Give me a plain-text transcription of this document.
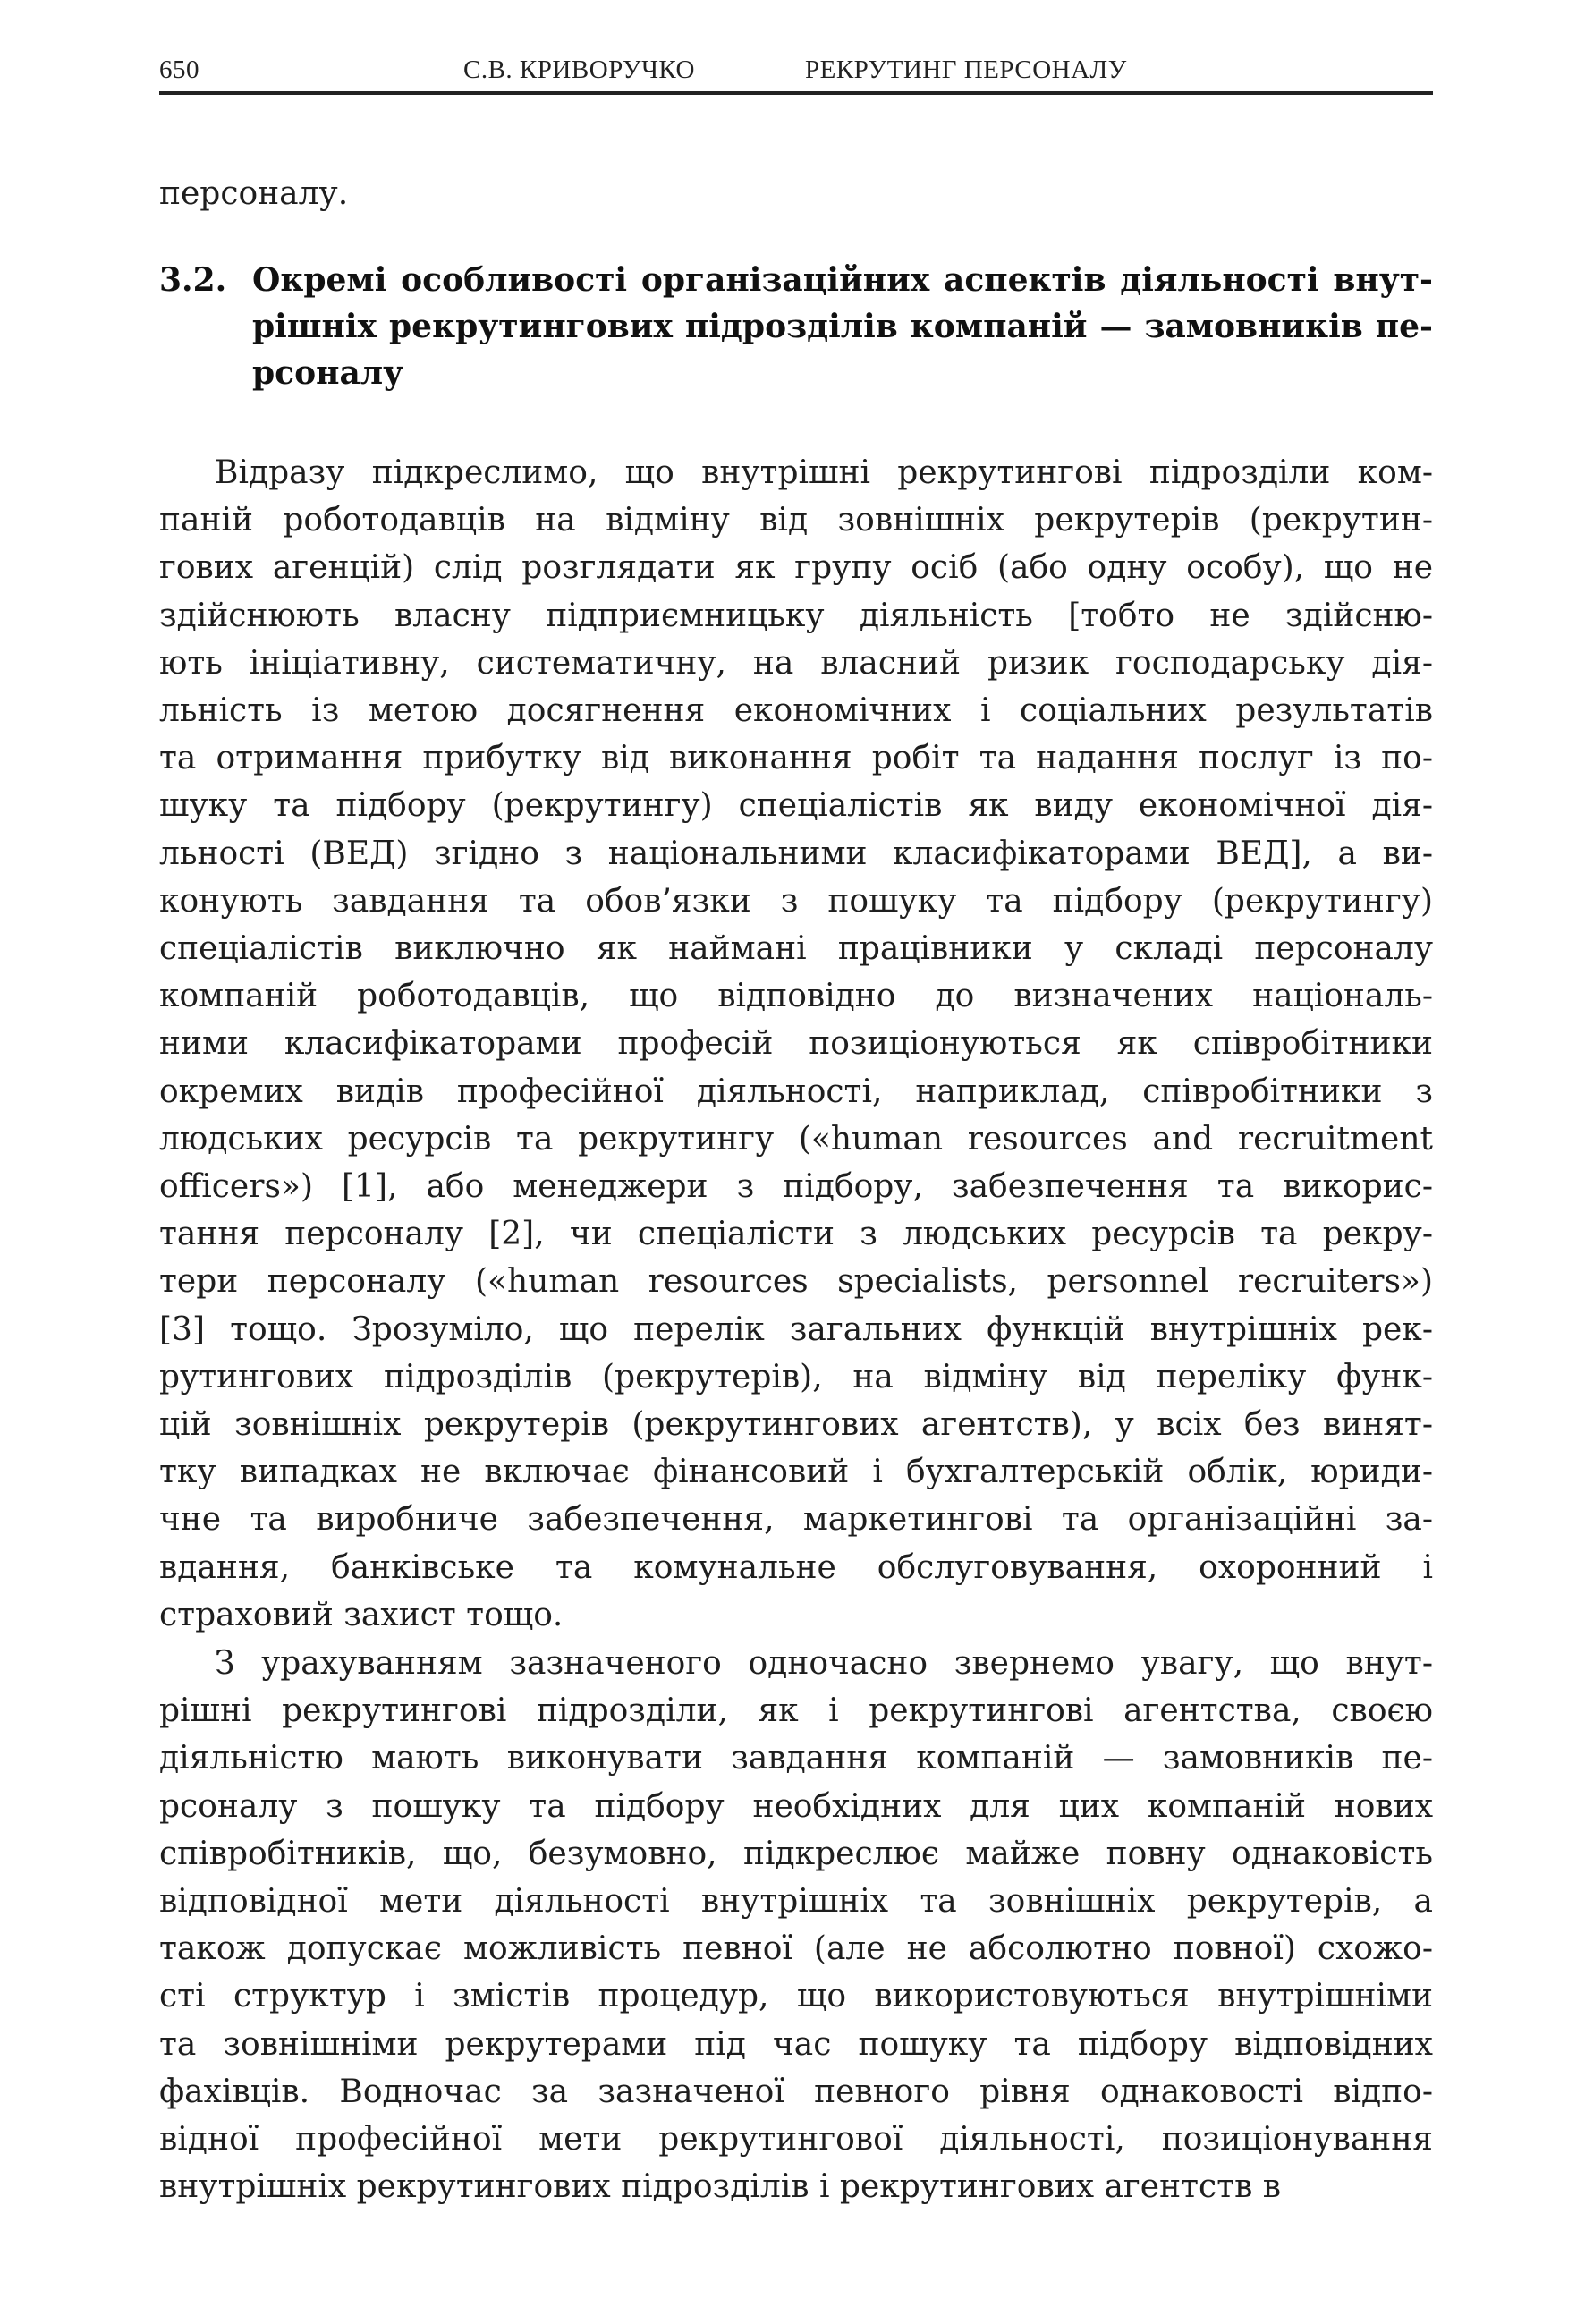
650	С.В. КРИВОРУЧКО	РЕКРУТИНГ ПЕРСОНАЛУ
персоналу.
3.2. Окремі особливості організаційних аспектів діяльності внут-
рішніх рекрутингових підрозділів компаній — замовників пе-
рсоналу
Відразу підкреслимо, що внутрішні рекрутингові підрозділи ком-
паній роботодавців на відміну від зовнішніх рекрутерів (рекрутин-
гових агенцій) слід розглядати як групу осіб (або одну особу), що не
здійснюють власну підприємницьку діяльність [тобто не здійсню-
ють ініціативну, систематичну, на власний ризик господарську дія-
льність із метою досягнення економічних і соціальних результатів
та отримання прибутку від виконання робіт та надання послуг із по-
шуку та підбору (рекрутингу) спеціалістів як виду економічної дія-
льності (ВЕД) згідно з національними класифікаторами ВЕД], а ви-
конують завдання та обов’язки з пошуку та підбору (рекрутингу)
спеціалістів виключно як наймані працівники у складі персоналу
компаній роботодавців, що відповідно до визначених національ-
ними класифікаторами професій позиціонуються як співробітники
окремих видів професійної діяльності, наприклад, співробітники з
людських ресурсів та рекрутингу («human resources and recruitment
officers») [1], або менеджери з підбору, забезпечення та викорис-
тання персоналу [2], чи спеціалісти з людських ресурсів та рекру-
тери персоналу («human resources specialists, personnel recruiters»)
[3] тощо. Зрозуміло, що перелік загальних функцій внутрішніх рек-
рутингових підрозділів (рекрутерів), на відміну від переліку функ-
цій зовнішніх рекрутерів (рекрутингових агентств), у всіх без винят-
тку випадках не включає фінансовий і бухгалтерській облік, юриди-
чне та виробниче забезпечення, маркетингові та організаційні за-
вдання, банківське та комунальне обслуговування, охоронний і
страховий захист тощо.
З урахуванням зазначеного одночасно звернемо увагу, що внут-
рішні рекрутингові підрозділи, як і рекрутингові агентства, своєю
діяльністю мають виконувати завдання компаній — замовників пе-
рсоналу з пошуку та підбору необхідних для цих компаній нових
співробітників, що, безумовно, підкреслює майже повну однаковість
відповідної мети діяльності внутрішніх та зовнішніх рекрутерів, а
також допускає можливість певної (але не абсолютно повної) схожо-
сті структур і змістів процедур, що використовуються внутрішніми
та зовнішніми рекрутерами під час пошуку та підбору відповідних
фахівців. Водночас за зазначеної певного рівня однаковості відпо-
відної професійної мети рекрутингової діяльності, позиціонування
внутрішніх рекрутингових підрозділів і рекрутингових агентств в
